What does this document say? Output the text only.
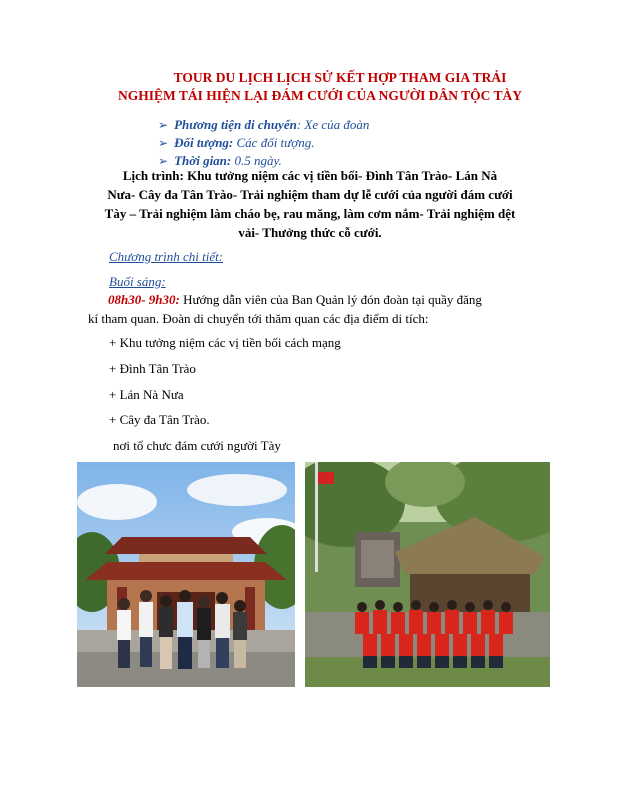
TOUR DU LỊCH LỊCH SỬ KẾT HỢP THAM GIA TRẢI
NGHIỆM TÁI HIỆN LẠI ĐÁM CƯỚI CỦA NGƯỜI DÂN TỘC TÀY
➢ Phương tiện di chuyển: Xe của đoàn
➢ Đối tượng: Các đối tượng.
➢ Thời gian: 0.5 ngày.
Lịch trình: Khu tưởng niệm các vị tiền bối- Đình Tân Trào- Lán Nà
Nưa- Cây đa Tân Trào- Trải nghiệm tham dự lễ cưới của người đám cưới
Tày – Trải nghiệm làm cháo bẹ, rau măng, làm cơm nắm- Trải nghiệm dệt
vải- Thưởng thức cỗ cưới.
Chương trình chi tiết:
Buổi sáng:
08h30- 9h30: Hướng dẫn viên của Ban Quản lý đón đoàn tại quầy đăng
kí tham quan. Đoàn di chuyển tới thăm quan các địa điểm di tích:
+ Khu tưởng niệm các vị tiền bối cách mạng
+ Đình Tân Trào
+ Lán Nà Nưa
+ Cây đa Tân Trào.
nơi tổ chưc đám cưới người Tày
